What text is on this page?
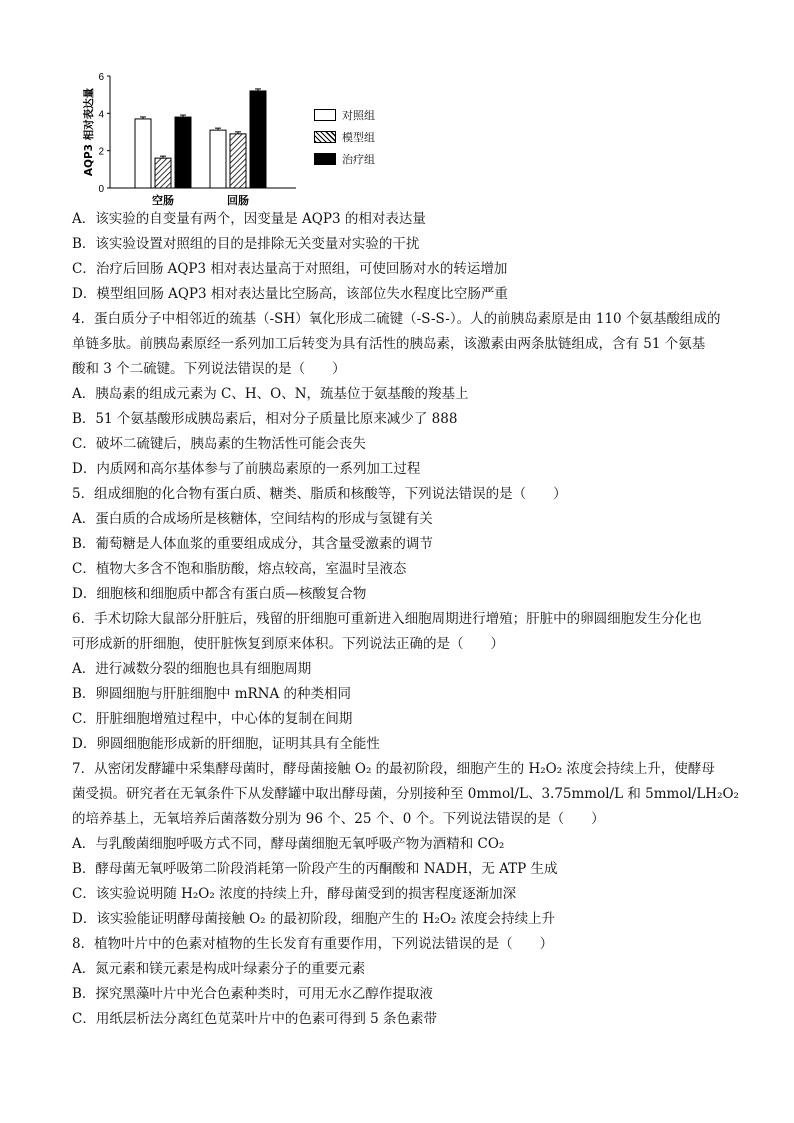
6
4
2
0
AQP3 相对表达量
空肠	回肠
对照组
模型组
治疗组
A．该实验的自变量有两个，因变量是 AQP3 的相对表达量
B．该实验设置对照组的目的是排除无关变量对实验的干扰
C．治疗后回肠 AQP3 相对表达量高于对照组，可使回肠对水的转运增加
D．模型组回肠 AQP3 相对表达量比空肠高，该部位失水程度比空肠严重
4．蛋白质分子中相邻近的巯基（-SH）氧化形成二硫键（-S-S-）。人的前胰岛素原是由 110 个氨基酸组成的
单链多肽。前胰岛素原经一系列加工后转变为具有活性的胰岛素，该激素由两条肽链组成，含有 51 个氨基
酸和 3 个二硫键。下列说法错误的是（　　）
A．胰岛素的组成元素为 C、H、O、N，巯基位于氨基酸的羧基上
B．51 个氨基酸形成胰岛素后，相对分子质量比原来减少了 888
C．破坏二硫键后，胰岛素的生物活性可能会丧失
D．内质网和高尔基体参与了前胰岛素原的一系列加工过程
5．组成细胞的化合物有蛋白质、糖类、脂质和核酸等，下列说法错误的是（　　）
A．蛋白质的合成场所是核糖体，空间结构的形成与氢键有关
B．葡萄糖是人体血浆的重要组成成分，其含量受激素的调节
C．植物大多含不饱和脂肪酸，熔点较高，室温时呈液态
D．细胞核和细胞质中都含有蛋白质—核酸复合物
6．手术切除大鼠部分肝脏后，残留的肝细胞可重新进入细胞周期进行增殖；肝脏中的卵圆细胞发生分化也
可形成新的肝细胞，使肝脏恢复到原来体积。下列说法正确的是（　　）
A．进行减数分裂的细胞也具有细胞周期
B．卵圆细胞与肝脏细胞中 mRNA 的种类相同
C．肝脏细胞增殖过程中，中心体的复制在间期
D．卵圆细胞能形成新的肝细胞，证明其具有全能性
7．从密闭发酵罐中采集酵母菌时，酵母菌接触 O₂ 的最初阶段，细胞产生的 H₂O₂ 浓度会持续上升，使酵母
菌受损。研究者在无氧条件下从发酵罐中取出酵母菌，分别接种至 0mmol/L、3.75mmol/L 和 5mmol/LH₂O₂
的培养基上，无氧培养后菌落数分别为 96 个、25 个、0 个。下列说法错误的是（　　）
A．与乳酸菌细胞呼吸方式不同，酵母菌细胞无氧呼吸产物为酒精和 CO₂
B．酵母菌无氧呼吸第二阶段消耗第一阶段产生的丙酮酸和 NADH，无 ATP 生成
C．该实验说明随 H₂O₂ 浓度的持续上升，酵母菌受到的损害程度逐渐加深
D．该实验能证明酵母菌接触 O₂ 的最初阶段，细胞产生的 H₂O₂ 浓度会持续上升
8．植物叶片中的色素对植物的生长发育有重要作用，下列说法错误的是（　　）
A．氮元素和镁元素是构成叶绿素分子的重要元素
B．探究黑藻叶片中光合色素种类时，可用无水乙醇作提取液
C．用纸层析法分离红色苋菜叶片中的色素可得到 5 条色素带
